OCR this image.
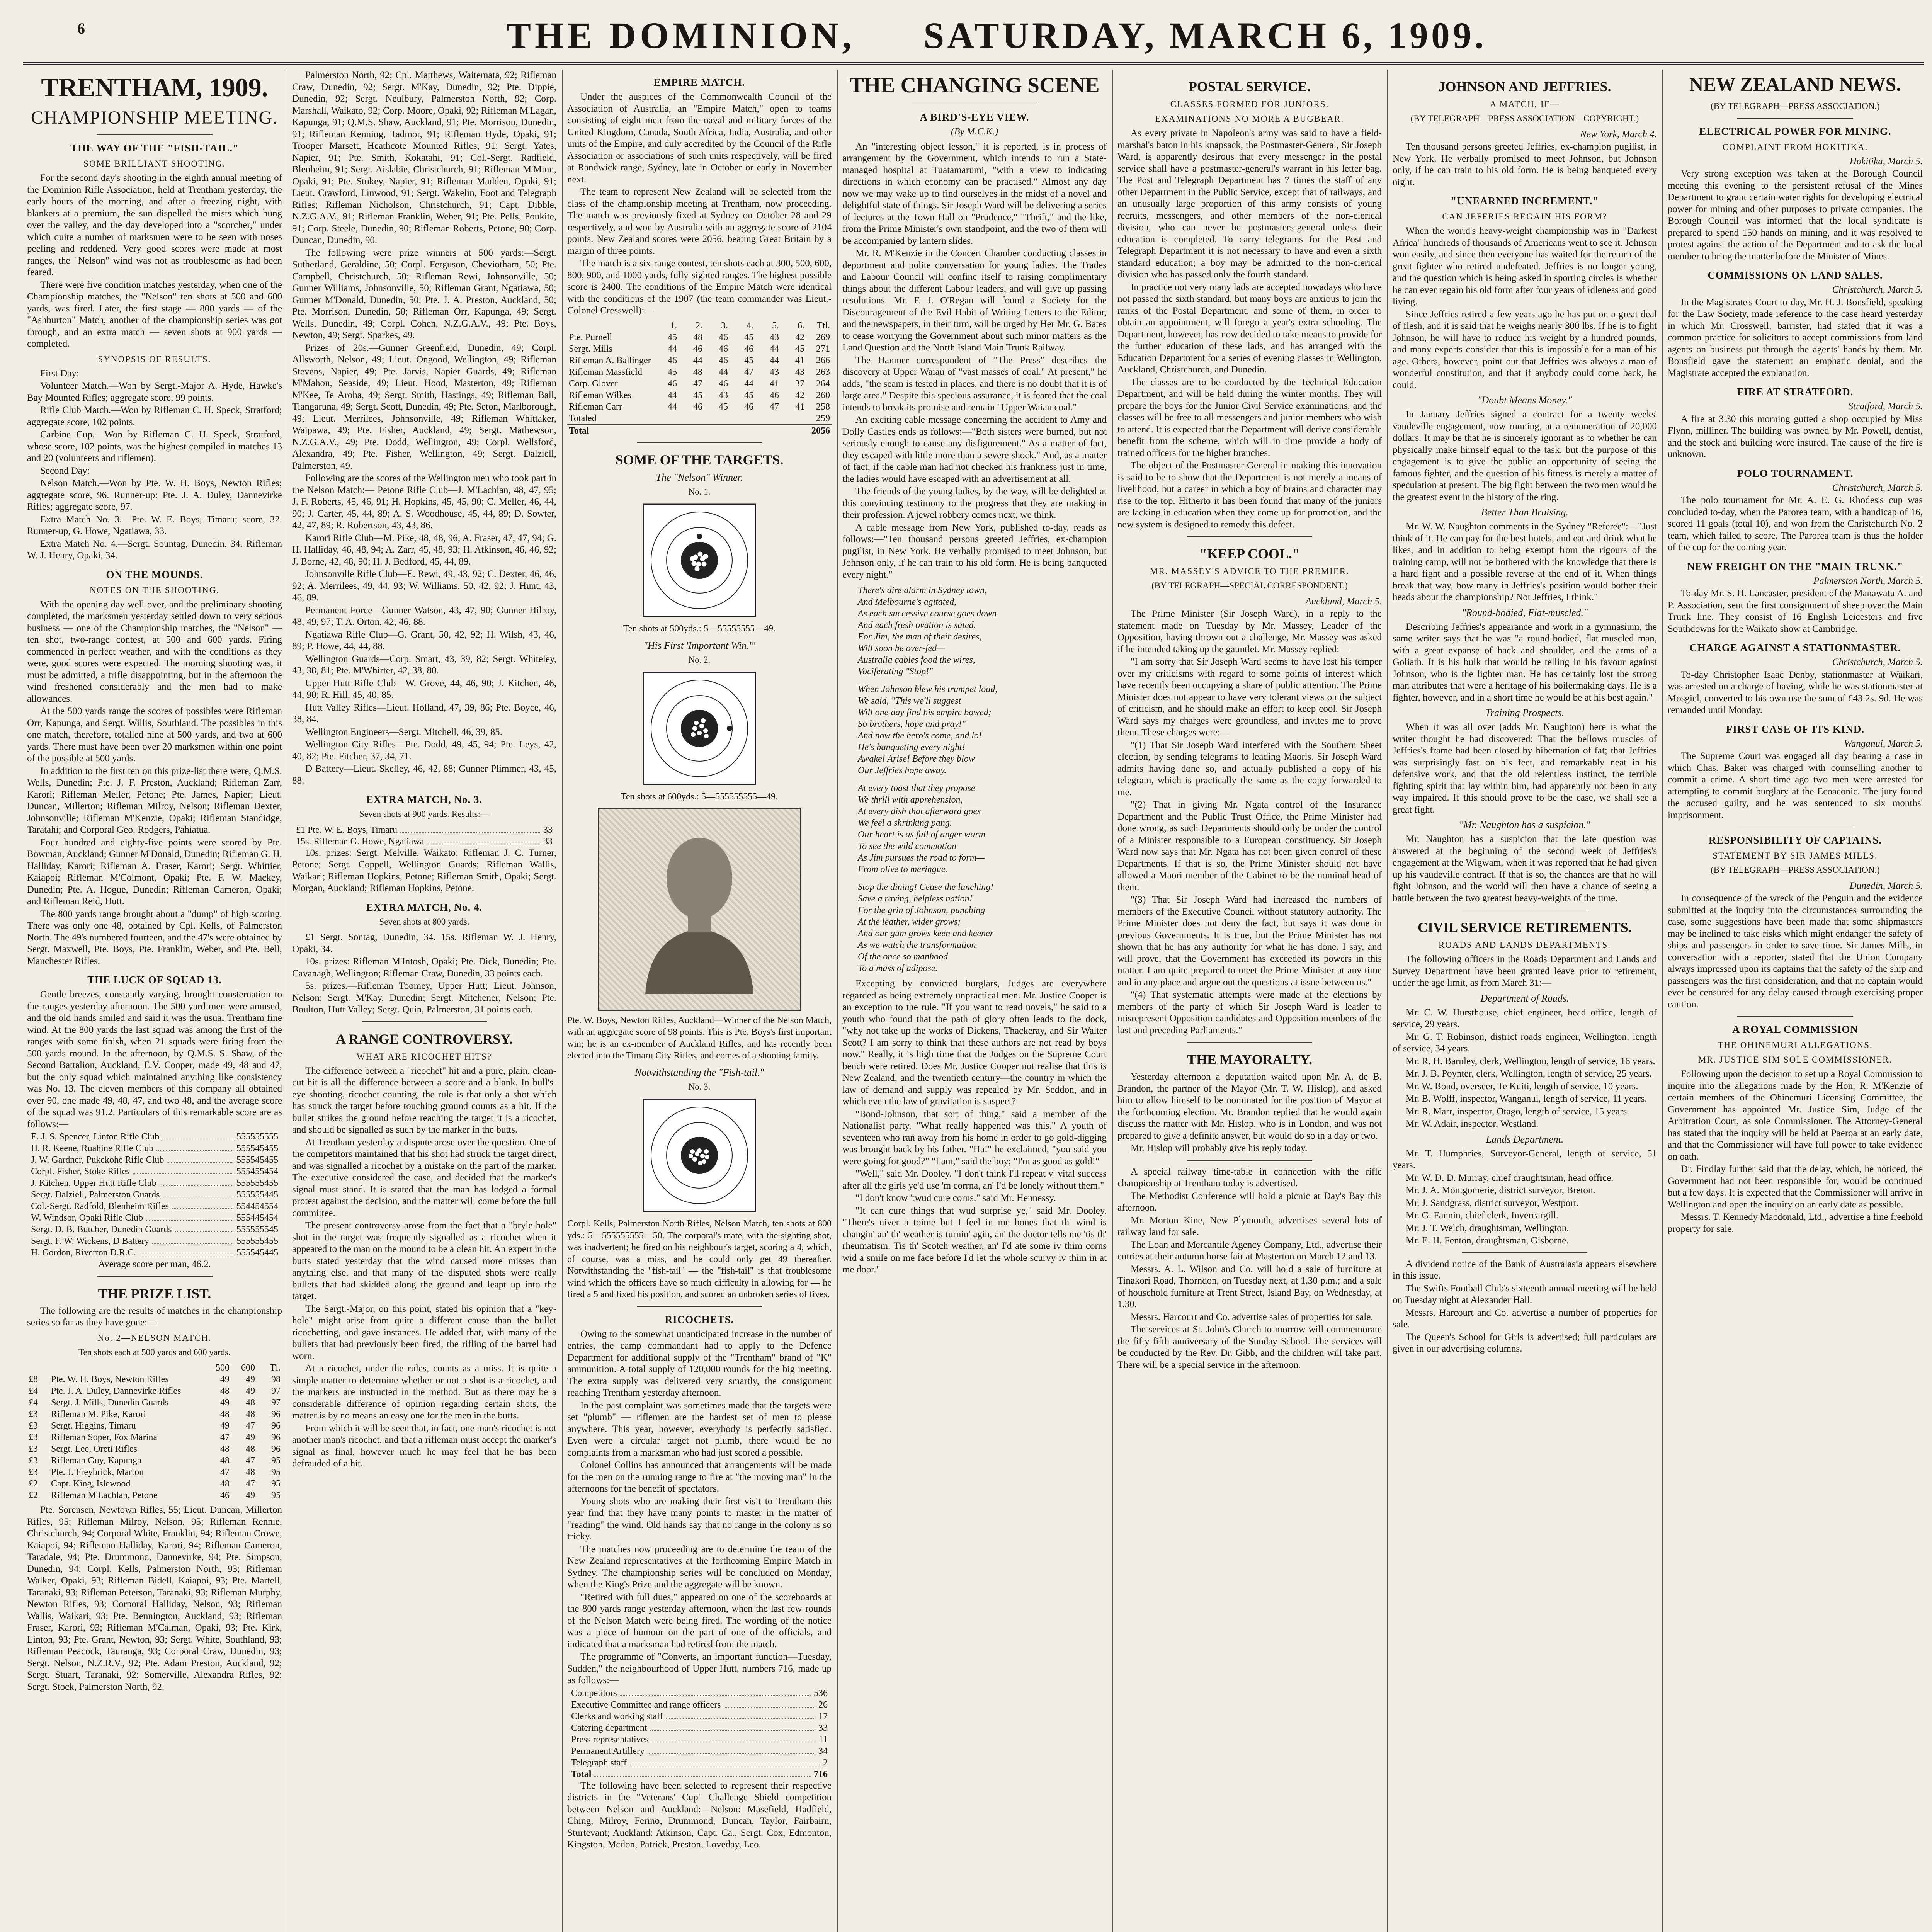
6	THE DOMINION, SATURDAY, MARCH 6, 1909.
TRENTHAM, 1909.
CHAMPIONSHIP MEETING.
THE WAY OF THE "FISH-TAIL."
SOME BRILLIANT SHOOTING.

For the second day's shooting in the eighth annual meeting of the Dominion Rifle Association, held at Trentham yesterday, the early hours of the morning, and after a freezing night, with blankets at a premium, the sun dispelled the mists which hung over the valley, and the day developed into a "scorcher," under which quite a number of marksmen were to be seen with noses peeling and reddened. Very good scores were made at most ranges, the "Nelson" wind was not as troublesome as had been feared.

There were five condition matches yesterday, when one of the Championship matches, the "Nelson" ten shots at 500 and 600 yards, was fired. Later, the first stage — 800 yards — of the "Ashburton" Match, another of the championship series was got through, and an extra match — seven shots at 900 yards — completed.

SYNOPSIS OF RESULTS.

First Day:

Volunteer Match.—Won by Sergt.-Major A. Hyde, Hawke's Bay Mounted Rifles; aggregate score, 99 points.

Rifle Club Match.—Won by Rifleman C. H. Speck, Stratford; aggregate score, 102 points.

Carbine Cup.—Won by Rifleman C. H. Speck, Stratford, whose score, 102 points, was the highest compiled in matches 13 and 20 (volunteers and riflemen).

Second Day:

Nelson Match.—Won by Pte. W. H. Boys, Newton Rifles; aggregate score, 96. Runner-up: Pte. J. A. Duley, Dannevirke Rifles; aggregate score, 97.

Extra Match No. 3.—Pte. W. E. Boys, Timaru; score, 32. Runner-up, G. Howe, Ngatiawa, 33.

Extra Match No. 4.—Sergt. Sountag, Dunedin, 34. Rifleman W. J. Henry, Opaki, 34.

ON THE MOUNDS.
NOTES ON THE SHOOTING.

With the opening day well over, and the preliminary shooting completed, the marksmen yesterday settled down to very serious business — one of the Championship matches, the "Nelson" — ten shot, two-range contest, at 500 and 600 yards. Firing commenced in perfect weather, and with the conditions as they were, good scores were expected. The morning shooting was, it must be admitted, a trifle disappointing, but in the afternoon the wind freshened considerably and the men had to make allowances.

At the 500 yards range the scores of possibles were Rifleman Orr, Kapunga, and Sergt. Willis, Southland. The possibles in this one match, therefore, totalled nine at 500 yards, and two at 600 yards. There must have been over 20 marksmen within one point of the possible at 500 yards.

In addition to the first ten on this prize-list there were, Q.M.S. Wells, Dunedin; Pte. J. F. Preston, Auckland; Rifleman Zarr, Karori; Rifleman Meller, Petone; Pte. James, Napier; Lieut. Duncan, Millerton; Rifleman Milroy, Nelson; Rifleman Dexter, Johnsonville; Rifleman M'Kenzie, Opaki; Rifleman Standidge, Taratahi; and Corporal Geo. Rodgers, Pahiatua.

Four hundred and eighty-five points were scored by Pte. Bowman, Auckland; Gunner M'Donald, Dunedin; Rifleman G. H. Halliday, Karori; Rifleman A. Fraser, Karori; Sergt. Whittier, Kaiapoi; Rifleman M'Colmont, Opaki; Pte. F. W. Mackey, Dunedin; Pte. A. Hogue, Dunedin; Rifleman Cameron, Opaki; and Rifleman Reid, Hutt.

The 800 yards range brought about a "dump" of high scoring. There was only one 48, obtained by Cpl. Kells, of Palmerston North. The 49's numbered fourteen, and the 47's were obtained by Sergt. Maxwell, Pte. Boys, Pte. Franklin, Weber, and Pte. Bell, Manchester Rifles.

THE LUCK OF SQUAD 13.

Gentle breezes, constantly varying, brought consternation to the ranges yesterday afternoon. The 500-yard men were amused, and the old hands smiled and said it was the usual Trentham fine wind. At the 800 yards the last squad was among the first of the ranges with some finish, when 21 squads were firing from the 500-yards mound. In the afternoon, by Q.M.S. S. Shaw, of the Second Battalion, Auckland, E.V. Cooper, made 49, 48 and 47, but the only squad which maintained anything like consistency was No. 13. The eleven members of this company all obtained over 90, one made 49, 48, 47, and two 48, and the average score of the squad was 91.2. Particulars of this remarkable score are as follows:—

E. J. S. Spencer, Linton Rifle Club	555555555
H. R. Keene, Ruahine Rifle Club	555545455
J. W. Gardner, Pukekohe Rifle Club	555545455
Corpl. Fisher, Stoke Rifles	555455454
J. Kitchen, Upper Hutt Rifle Club	555555455
Sergt. Dalziell, Palmerston Guards	555555445
Col.-Sergt. Radfold, Blenheim Rifles	554454554
W. Windsor, Opaki Rifle Club	555445454
Sergt. D. B. Butcher, Dunedin Guards	555555545
Sergt. F. W. Wickens, D Battery	555555455
H. Gordon, Riverton D.R.C.	555545445

Average score per man, 46.2.

THE PRIZE LIST.

The following are the results of matches in the championship series so far as they have gone:—

No. 2—NELSON MATCH.
Ten shots each at 500 yards and 600 yards.
		500	600	Tl.
£8	Pte. W. H. Boys, Newton Rifles	49	49	98
£4	Pte. J. A. Duley, Dannevirke Rifles	48	49	97
£4	Sergt. J. Mills, Dunedin Guards	49	48	97
£3	Rifleman M. Pike, Karori	48	48	96
£3	Sergt. Higgins, Timaru	49	47	96
£3	Rifleman Soper, Fox Marina	47	49	96
£3	Sergt. Lee, Oreti Rifles	48	48	96
£3	Rifleman Guy, Kapunga	48	47	95
£3	Pte. J. Freybrick, Marton	47	48	95
£2	Capt. King, Islewood	48	47	95
£2	Rifleman M'Lachlan, Petone	46	49	95

Pte. Sorensen, Newtown Rifles, 55; Lieut. Duncan, Millerton Rifles, 95; Rifleman Milroy, Nelson, 95; Rifleman Rennie, Christchurch, 94; Corporal White, Franklin, 94; Rifleman Crowe, Kaiapoi, 94; Rifleman Halliday, Karori, 94; Rifleman Cameron, Taradale, 94; Pte. Drummond, Dannevirke, 94; Pte. Simpson, Dunedin, 94; Corpl. Kells, Palmerston North, 93; Rifleman Walker, Opaki, 93; Rifleman Bidell, Kaiapoi, 93; Pte. Martell, Taranaki, 93; Rifleman Peterson, Taranaki, 93; Rifleman Murphy, Newton Rifles, 93; Corporal Halliday, Nelson, 93; Rifleman Wallis, Waikari, 93; Pte. Bennington, Auckland, 93; Rifleman Fraser, Karori, 93; Rifleman M'Calman, Opaki, 93; Pte. Kirk, Linton, 93; Pte. Grant, Newton, 93; Sergt. White, Southland, 93; Rifleman Peacock, Tauranga, 93; Corporal Craw, Dunedin, 93; Sergt. Nelson, N.Z.R.V., 92; Pte. Adam Preston, Auckland, 92; Sergt. Stuart, Taranaki, 92; Somerville, Alexandra Rifles, 92; Sergt. Stock, Palmerston North, 92.

Palmerston North, 92; Cpl. Matthews, Waitemata, 92; Rifleman Craw, Dunedin, 92; Sergt. M'Kay, Dunedin, 92; Pte. Dippie, Dunedin, 92; Sergt. Neulbury, Palmerston North, 92; Corp. Marshall, Waikato, 92; Corp. Moore, Opaki, 92; Rifleman M'Lagan, Kapunga, 91; Q.M.S. Shaw, Auckland, 91; Pte. Morrison, Dunedin, 91; Rifleman Kenning, Tadmor, 91; Rifleman Hyde, Opaki, 91; Trooper Marsett, Heathcote Mounted Rifles, 91; Sergt. Yates, Napier, 91; Pte. Smith, Kokatahi, 91; Col.-Sergt. Radfield, Blenheim, 91; Sergt. Aislabie, Christchurch, 91; Rifleman M'Minn, Opaki, 91; Pte. Stokey, Napier, 91; Rifleman Madden, Opaki, 91; Lieut. Crawford, Linwood, 91; Sergt. Wakelin, Foot and Telegraph Rifles; Rifleman Nicholson, Christchurch, 91; Capt. Dibble, N.Z.G.A.V., 91; Rifleman Franklin, Weber, 91; Pte. Pells, Poukite, 91; Corp. Steele, Dunedin, 90; Rifleman Roberts, Petone, 90; Corp. Duncan, Dunedin, 90.

The following were prize winners at 500 yards:—Sergt. Sutherland, Geraldine, 50; Corpl. Ferguson, Cheviotham, 50; Pte. Campbell, Christchurch, 50; Rifleman Rewi, Johnsonville, 50; Gunner Williams, Johnsonville, 50; Rifleman Grant, Ngatiawa, 50; Gunner M'Donald, Dunedin, 50; Pte. J. A. Preston, Auckland, 50; Pte. Morrison, Dunedin, 50; Rifleman Orr, Kapunga, 49; Sergt. Wells, Dunedin, 49; Corpl. Cohen, N.Z.G.A.V., 49; Pte. Boys, Newton, 49; Sergt. Sparkes, 49.

Prizes of 20s.—Gunner Greenfield, Dunedin, 49; Corpl. Allsworth, Nelson, 49; Lieut. Ongood, Wellington, 49; Rifleman Stevens, Napier, 49; Pte. Jarvis, Napier Guards, 49; Rifleman M'Mahon, Seaside, 49; Lieut. Hood, Masterton, 49; Rifleman M'Kee, Te Aroha, 49; Sergt. Smith, Hastings, 49; Rifleman Ball, Tiangaruna, 49; Sergt. Scott, Dunedin, 49; Pte. Seton, Marlborough, 49; Lieut. Merrilees, Johnsonville, 49; Rifleman Whittaker, Waipawa, 49; Pte. Fisher, Auckland, 49; Sergt. Mathewson, N.Z.G.A.V., 49; Pte. Dodd, Wellington, 49; Corpl. Wellsford, Alexandra, 49; Pte. Fisher, Wellington, 49; Sergt. Dalziell, Palmerston, 49.

Following are the scores of the Wellington men who took part in the Nelson Match:— Petone Rifle Club—J. M'Lachlan, 48, 47, 95; J. F. Roberts, 45, 46, 91; H. Hopkins, 45, 45, 90; C. Meller, 46, 44, 90; J. Carter, 45, 44, 89; A. S. Woodhouse, 45, 44, 89; D. Sowter, 42, 47, 89; R. Robertson, 43, 43, 86.

Karori Rifle Club—M. Pike, 48, 48, 96; A. Fraser, 47, 47, 94; G. H. Halliday, 46, 48, 94; A. Zarr, 45, 48, 93; H. Atkinson, 46, 46, 92; J. Borne, 42, 48, 90; H. J. Bedford, 45, 44, 89.

Johnsonville Rifle Club—E. Rewi, 49, 43, 92; C. Dexter, 46, 46, 92; A. Merrilees, 49, 44, 93; W. Williams, 50, 42, 92; J. Hunt, 43, 46, 89.

Permanent Force—Gunner Watson, 43, 47, 90; Gunner Hilroy, 48, 49, 97; T. A. Orton, 42, 46, 88.

Ngatiawa Rifle Club—G. Grant, 50, 42, 92; H. Wilsh, 43, 46, 89; P. Howe, 44, 44, 88.

Wellington Guards—Corp. Smart, 43, 39, 82; Sergt. Whiteley, 43, 38, 81; Pte. M'Whirter, 42, 38, 80.

Upper Hutt Rifle Club—W. Grove, 44, 46, 90; J. Kitchen, 46, 44, 90; R. Hill, 45, 40, 85.

Hutt Valley Rifles—Lieut. Holland, 47, 39, 86; Pte. Boyce, 46, 38, 84.

Wellington Engineers—Sergt. Mitchell, 46, 39, 85.

Wellington City Rifles—Pte. Dodd, 49, 45, 94; Pte. Leys, 42, 40, 82; Pte. Fitcher, 37, 34, 71.

D Battery—Lieut. Skelley, 46, 42, 88; Gunner Plimmer, 43, 45, 88.

EXTRA MATCH, No. 3.
Seven shots at 900 yards. Results:—
£1 Pte. W. E. Boys, Timaru	33
15s. Rifleman G. Howe, Ngatiawa	33

10s. prizes: Sergt. Melville, Waikato; Rifleman J. C. Turner, Petone; Sergt. Coppell, Wellington Guards; Rifleman Wallis, Waikari; Rifleman Hopkins, Petone; Rifleman Smith, Opaki; Sergt. Morgan, Auckland; Rifleman Hopkins, Petone.

EXTRA MATCH, No. 4.
Seven shots at 800 yards.

£1 Sergt. Sontag, Dunedin, 34. 15s. Rifleman W. J. Henry, Opaki, 34.

10s. prizes: Rifleman M'Intosh, Opaki; Pte. Dick, Dunedin; Pte. Cavanagh, Wellington; Rifleman Craw, Dunedin, 33 points each.

5s. prizes.—Rifleman Toomey, Upper Hutt; Lieut. Johnson, Nelson; Sergt. M'Kay, Dunedin; Sergt. Mitchener, Nelson; Pte. Boulton, Hutt Valley; Sergt. Quin, Palmerston, 31 points each.

A RANGE CONTROVERSY.
WHAT ARE RICOCHET HITS?

The difference between a "ricochet" hit and a pure, plain, clean-cut hit is all the difference between a score and a blank. In bull's-eye shooting, ricochet counting, the rule is that only a shot which has struck the target before touching ground counts as a hit. If the bullet strikes the ground before reaching the target it is a ricochet, and should be signalled as such by the marker in the butts.

At Trentham yesterday a dispute arose over the question. One of the competitors maintained that his shot had struck the target direct, and was signalled a ricochet by a mistake on the part of the marker. The executive considered the case, and decided that the marker's signal must stand. It is stated that the man has lodged a formal protest against the decision, and the matter will come before the full committee.

The present controversy arose from the fact that a "bryle-hole" shot in the target was frequently signalled as a ricochet when it appeared to the man on the mound to be a clean hit. An expert in the butts stated yesterday that the wind caused more misses than anything else, and that many of the disputed shots were really bullets that had skidded along the ground and leapt up into the target.

The Sergt.-Major, on this point, stated his opinion that a "key-hole" might arise from quite a different cause than the bullet ricochetting, and gave instances. He added that, with many of the bullets that had previously been fired, the rifling of the barrel had worn.

At a ricochet, under the rules, counts as a miss. It is quite a simple matter to determine whether or not a shot is a ricochet, and the markers are instructed in the method. But as there may be a considerable difference of opinion regarding certain shots, the matter is by no means an easy one for the men in the butts.

From which it will be seen that, in fact, one man's ricochet is not another man's ricochet, and that a rifleman must accept the marker's signal as final, however much he may feel that he has been defrauded of a hit.

EMPIRE MATCH.

Under the auspices of the Commonwealth Council of the Association of Australia, an "Empire Match," open to teams consisting of eight men from the naval and military forces of the United Kingdom, Canada, South Africa, India, Australia, and other units of the Empire, and duly accredited by the Council of the Rifle Association or associations of such units respectively, will be fired at Randwick range, Sydney, late in October or early in November next.

The team to represent New Zealand will be selected from the class of the championship meeting at Trentham, now proceeding. The match was previously fixed at Sydney on October 28 and 29 respectively, and won by Australia with an aggregate score of 2104 points. New Zealand scores were 2056, beating Great Britain by a margin of three points.

The match is a six-range contest, ten shots each at 300, 500, 600, 800, 900, and 1000 yards, fully-sighted ranges. The highest possible score is 2400. The conditions of the Empire Match were identical with the conditions of the 1907 (the team commander was Lieut.-Colonel Cresswell):—

	1.	2.	3.	4.	5.	6.	Ttl.
Pte. Purnell	45	48	46	45	43	42	269
Sergt. Mills	44	46	46	46	44	45	271
Rifleman A. Ballinger	46	44	46	45	44	41	266
Rifleman Massfield	45	48	44	47	43	43	263
Corp. Glover	46	47	46	44	41	37	264
Rifleman Wilkes	44	45	43	45	46	42	260
Rifleman Carr	44	46	45	46	47	41	258
Totaled							259
Total							2056
SOME OF THE TARGETS.
The "Nelson" Winner.
No. 1.
Ten shots at 500yds.: 5—55555555—49.
"His First 'Important Win.'"
No. 2.
Ten shots at 600yds.: 5—555555555—49.
Pte. W. Boys, Newton Rifles, Auckland—Winner of the Nelson Match, with an aggregate score of 98 points. This is Pte. Boys's first important win; he is an ex-member of Auckland Rifles, and has recently been elected into the Timaru City Rifles, and comes of a shooting family.
Notwithstanding the "Fish-tail."
No. 3.
Corpl. Kells, Palmerston North Rifles, Nelson Match, ten shots at 800 yds.: 5—555555555—50. The corporal's mate, with the sighting shot, was inadvertent; he fired on his neighbour's target, scoring a 4, which, of course, was a miss, and he could only get 49 thereafter. Notwithstanding the "fish-tail" — the "fish-tail" is that troublesome wind which the officers have so much difficulty in allowing for — he fired a 5 and fixed his position, and scored an unbroken series of fives.
RICOCHETS.

Owing to the somewhat unanticipated increase in the number of entries, the camp commandant had to apply to the Defence Department for additional supply of the "Trentham" brand of "K" ammunition. A total supply of 120,000 rounds for the big meeting. The extra supply was delivered very smartly, the consignment reaching Trentham yesterday afternoon.

In the past complaint was sometimes made that the targets were set "plumb" — riflemen are the hardest set of men to please anywhere. This year, however, everybody is perfectly satisfied. Even were a circular target not plumb, there would be no complaints from a marksman who had just scored a possible.

Colonel Collins has announced that arrangements will be made for the men on the running range to fire at "the moving man" in the afternoons for the benefit of spectators.

Young shots who are making their first visit to Trentham this year find that they have many points to master in the matter of "reading" the wind. Old hands say that no range in the colony is so tricky.

The matches now proceeding are to determine the team of the New Zealand representatives at the forthcoming Empire Match in Sydney. The championship series will be concluded on Monday, when the King's Prize and the aggregate will be known.

"Retired with full dues," appeared on one of the scoreboards at the 800 yards range yesterday afternoon, when the last few rounds of the Nelson Match were being fired. The wording of the notice was a piece of humour on the part of one of the officials, and indicated that a marksman had retired from the match.

The programme of "Converts, an important function—Tuesday, Sudden," the neighbourhood of Upper Hutt, numbers 716, made up as follows:—

Competitors	536
Executive Committee and range officers	26
Clerks and working staff	17
Catering department	33
Press representatives	11
Permanent Artillery	34
Telegraph staff	2
Total	716

The following have been selected to represent their respective districts in the "Veterans' Cup" Challenge Shield competition between Nelson and Auckland:—Nelson: Masefield, Hadfield, Ching, Milroy, Ferino, Drummond, Duncan, Taylor, Fairbairn, Sturtevant; Auckland: Atkinson, Capt. Ca., Sergt. Cox, Edmonton, Kingston, Mcdon, Patrick, Preston, Loveday, Leo.

THE CHANGING SCENE
A BIRD'S-EYE VIEW.
(By M.C.K.)

An "interesting object lesson," it is reported, is in process of arrangement by the Government, which intends to run a State-managed hospital at Tuatamarumi, "with a view to indicating directions in which economy can be practised." Almost any day now we may wake up to find ourselves in the midst of a novel and delightful state of things. Sir Joseph Ward will be delivering a series of lectures at the Town Hall on "Prudence," "Thrift," and the like, from the Prime Minister's own standpoint, and the two of them will be accompanied by lantern slides.

Mr. R. M'Kenzie in the Concert Chamber conducting classes in deportment and polite conversation for young ladies. The Trades and Labour Council will confine itself to raising complimentary things about the different Labour leaders, and will give up passing resolutions. Mr. F. J. O'Regan will found a Society for the Discouragement of the Evil Habit of Writing Letters to the Editor, and the newspapers, in their turn, will be urged by Her Mr. G. Bates to cease worrying the Government about such minor matters as the Land Question and the North Island Main Trunk Railway.

The Hanmer correspondent of "The Press" describes the discovery at Upper Waiau of "vast masses of coal." At present," he adds, "the seam is tested in places, and there is no doubt that it is of large area." Despite this specious assurance, it is feared that the coal intends to break its promise and remain "Upper Waiau coal."

An exciting cable message concerning the accident to Amy and Dolly Castles ends as follows:—"Both sisters were burned, but not seriously enough to cause any disfigurement." As a matter of fact, they escaped with little more than a severe shock." And, as a matter of fact, if the cable man had not checked his frankness just in time, the ladies would have escaped with an advertisement at all.

The friends of the young ladies, by the way, will be delighted at this convincing testimony to the progress that they are making in their profession. A jewel robbery comes next, we think.

A cable message from New York, published to-day, reads as follows:—"Ten thousand persons greeted Jeffries, ex-champion pugilist, in New York. He verbally promised to meet Johnson, but Johnson only, if he can train to his old form. He is being banqueted every night."

There's dire alarm in Sydney town,
And Melbourne's agitated,
As each successive course goes down
And each fresh ovation is sated.
For Jim, the man of their desires,
Will soon be over-fed—
Australia cables food the wires,
Vociferating "Stop!"
When Johnson blew his trumpet loud,
We said, "This we'll suggest
Will one day find his empire bowed;
So brothers, hope and pray!"
And now the hero's come, and lo!
He's banqueting every night!
Awake! Arise! Before they blow
Our Jeffries hope away.
At every toast that they propose
We thrill with apprehension,
At every dish that afterward goes
We feel a shrinking pang.
Our heart is as full of anger warm
To see the wild commotion
As Jim pursues the road to form—
From olive to meringue.
Stop the dining! Cease the lunching!
Save a raving, helpless nation!
For the grin of Johnson, punching
At the leather, wider grows;
And our gum grows keen and keener
As we watch the transformation
Of the once so manhood
To a mass of adipose.

Excepting by convicted burglars, Judges are everywhere regarded as being extremely unpractical men. Mr. Justice Cooper is an exception to the rule. "If you want to read novels," he said to a youth who found that the path of glory often leads to the dock, "why not take up the works of Dickens, Thackeray, and Sir Walter Scott? I am sorry to think that these authors are not read by boys now." Really, it is high time that the Judges on the Supreme Court bench were retired. Does Mr. Justice Cooper not realise that this is New Zealand, and the twentieth century—the country in which the law of demand and supply was repealed by Mr. Seddon, and in which even the law of gravitation is suspect?

"Bond-Johnson, that sort of thing," said a member of the Nationalist party. "What really happened was this." A youth of seventeen who ran away from his home in order to go gold-digging was brought back by his father. "Ha!" he exclaimed, "you said you were going for good?" "I am," said the boy; "I'm as good as gold!"

"Well," said Mr. Dooley. "I don't think I'll repeat v' vital success after all the girls ye'd use 'm corrna, an' I'd be lonely without them."

"I don't know 'twud cure corns," said Mr. Hennessy.

"It can cure things that wud surprise ye," said Mr. Dooley. "There's niver a toime but I feel in me bones that th' wind is changin' an' th' weather is turnin' agin, an' the doctor tells me 'tis th' rheumatism. Tis th' Scotch weather, an' I'd ate some iv thim corns wid a smile on me face before I'd let the whole scurvy iv thim in at me door."

POSTAL SERVICE.
CLASSES FORMED FOR JUNIORS.
EXAMINATIONS NO MORE A BUGBEAR.

As every private in Napoleon's army was said to have a field-marshal's baton in his knapsack, the Postmaster-General, Sir Joseph Ward, is apparently desirous that every messenger in the postal service shall have a postmaster-general's warrant in his letter bag. The Post and Telegraph Department has 7 times the staff of any other Department in the Public Service, except that of railways, and an unusually large proportion of this army consists of young recruits, messengers, and other members of the non-clerical division, who can never be postmasters-general unless their education is completed. To carry telegrams for the Post and Telegraph Department it is not necessary to have and even a sixth standard education; a boy may be admitted to the non-clerical division who has passed only the fourth standard.

In practice not very many lads are accepted nowadays who have not passed the sixth standard, but many boys are anxious to join the ranks of the Postal Department, and some of them, in order to obtain an appointment, will forego a year's extra schooling. The Department, however, has now decided to take means to provide for the further education of these lads, and has arranged with the Education Department for a series of evening classes in Wellington, Auckland, Christchurch, and Dunedin.

The classes are to be conducted by the Technical Education Department, and will be held during the winter months. They will prepare the boys for the Junior Civil Service examinations, and the classes will be free to all messengers and junior members who wish to attend. It is expected that the Department will derive considerable benefit from the scheme, which will in time provide a body of trained officers for the higher branches.

The object of the Postmaster-General in making this innovation is said to be to show that the Department is not merely a means of livelihood, but a career in which a boy of brains and character may rise to the top. Hitherto it has been found that many of the juniors are lacking in education when they come up for promotion, and the new system is designed to remedy this defect.

"KEEP COOL."
MR. MASSEY'S ADVICE TO THE PREMIER.
(BY TELEGRAPH—SPECIAL CORRESPONDENT.)

Auckland, March 5.

The Prime Minister (Sir Joseph Ward), in a reply to the statement made on Tuesday by Mr. Massey, Leader of the Opposition, having thrown out a challenge, Mr. Massey was asked if he intended taking up the gauntlet. Mr. Massey replied:—

"I am sorry that Sir Joseph Ward seems to have lost his temper over my criticisms with regard to some points of interest which have recently been occupying a share of public attention. The Prime Minister does not appear to have very tolerant views on the subject of criticism, and he should make an effort to keep cool. Sir Joseph Ward says my charges were groundless, and invites me to prove them. These charges were:—

"(1) That Sir Joseph Ward interfered with the Southern Sheet election, by sending telegrams to leading Maoris. Sir Joseph Ward admits having done so, and actually published a copy of his telegram, which is practically the same as the copy forwarded to me.

"(2) That in giving Mr. Ngata control of the Insurance Department and the Public Trust Office, the Prime Minister had done wrong, as such Departments should only be under the control of a Minister responsible to a European constituency. Sir Joseph Ward now says that Mr. Ngata has not been given control of these Departments. If that is so, the Prime Minister should not have allowed a Maori member of the Cabinet to be the nominal head of them.

"(3) That Sir Joseph Ward had increased the numbers of members of the Executive Council without statutory authority. The Prime Minister does not deny the fact, but says it was done in previous Governments. It is true, but the Prime Minister has not shown that he has any authority for what he has done. I say, and will prove, that the Government has exceeded its powers in this matter. I am quite prepared to meet the Prime Minister at any time and in any place and argue out the questions at issue between us."

"(4) That systematic attempts were made at the elections by members of the party of which Sir Joseph Ward is leader to misrepresent Opposition candidates and Opposition members of the last and preceding Parliaments."

THE MAYORALTY.

Yesterday afternoon a deputation waited upon Mr. A. de B. Brandon, the partner of the Mayor (Mr. T. W. Hislop), and asked him to allow himself to be nominated for the position of Mayor at the forthcoming election. Mr. Brandon replied that he would again discuss the matter with Mr. Hislop, who is in London, and was not prepared to give a definite answer, but would do so in a day or two.

Mr. Hislop will probably give his reply today.

A special railway time-table in connection with the rifle championship at Trentham today is advertised.

The Methodist Conference will hold a picnic at Day's Bay this afternoon.

Mr. Morton Kine, New Plymouth, advertises several lots of railway land for sale.

The Loan and Mercantile Agency Company, Ltd., advertise their entries at their autumn horse fair at Masterton on March 12 and 13.

Messrs. A. L. Wilson and Co. will hold a sale of furniture at Tinakori Road, Thorndon, on Tuesday next, at 1.30 p.m.; and a sale of household furniture at Trent Street, Island Bay, on Wednesday, at 1.30.

Messrs. Harcourt and Co. advertise sales of properties for sale.

The services at St. John's Church to-morrow will commemorate the fifty-fifth anniversary of the Sunday School. The services will be conducted by the Rev. Dr. Gibb, and the children will take part. There will be a special service in the afternoon.

JOHNSON AND JEFFRIES.
A MATCH, IF—
(BY TELEGRAPH—PRESS ASSOCIATION—COPYRIGHT.)

New York, March 4.

Ten thousand persons greeted Jeffries, ex-champion pugilist, in New York. He verbally promised to meet Johnson, but Johnson only, if he can train to his old form. He is being banqueted every night.

"UNEARNED INCREMENT."
CAN JEFFRIES REGAIN HIS FORM?

When the world's heavy-weight championship was in "Darkest Africa" hundreds of thousands of Americans went to see it. Johnson won easily, and since then everyone has waited for the return of the great fighter who retired undefeated. Jeffries is no longer young, and the question which is being asked in sporting circles is whether he can ever regain his old form after four years of idleness and good living.

Since Jeffries retired a few years ago he has put on a great deal of flesh, and it is said that he weighs nearly 300 lbs. If he is to fight Johnson, he will have to reduce his weight by a hundred pounds, and many experts consider that this is impossible for a man of his age. Others, however, point out that Jeffries was always a man of wonderful constitution, and that if anybody could come back, he could.

"Doubt Means Money."

In January Jeffries signed a contract for a twenty weeks' vaudeville engagement, now running, at a remuneration of 20,000 dollars. It may be that he is sincerely ignorant as to whether he can physically make himself equal to the task, but the purpose of this engagement is to give the public an opportunity of seeing the famous fighter, and the question of his fitness is merely a matter of speculation at present. The big fight between the two men would be the greatest event in the history of the ring.

Better Than Bruising.

Mr. W. W. Naughton comments in the Sydney "Referee":—"Just think of it. He can pay for the best hotels, and eat and drink what he likes, and in addition to being exempt from the rigours of the training camp, will not be bothered with the knowledge that there is a hard fight and a possible reverse at the end of it. When things break that way, how many in Jeffries's position would bother their heads about the championship? Not Jeffries, I think."

"Round-bodied, Flat-muscled."

Describing Jeffries's appearance and work in a gymnasium, the same writer says that he was "a round-bodied, flat-muscled man, with a great expanse of back and shoulder, and the arms of a Goliath. It is his bulk that would be telling in his favour against Johnson, who is the lighter man. He has certainly lost the strong man attributes that were a heritage of his boilermaking days. He is a fighter, however, and in a short time he would be at his best again."

Training Prospects.

When it was all over (adds Mr. Naughton) here is what the writer thought he had discovered: That the bellows muscles of Jeffries's frame had been closed by hibernation of fat; that Jeffries was surprisingly fast on his feet, and remarkably neat in his defensive work, and that the old relentless instinct, the terrible fighting spirit that lay within him, had apparently not been in any way impaired. If this should prove to be the case, we shall see a great fight.

"Mr. Naughton has a suspicion."

Mr. Naughton has a suspicion that the late question was answered at the beginning of the second week of Jeffries's engagement at the Wigwam, when it was reported that he had given up his vaudeville contract. If that is so, the chances are that he will fight Johnson, and the world will then have a chance of seeing a battle between the two greatest heavy-weights of the time.

CIVIL SERVICE RETIREMENTS.
ROADS AND LANDS DEPARTMENTS.

The following officers in the Roads Department and Lands and Survey Department have been granted leave prior to retirement, under the age limit, as from March 31:—

Department of Roads.

Mr. C. W. Hursthouse, chief engineer, head office, length of service, 29 years.

Mr. G. T. Robinson, district roads engineer, Wellington, length of service, 34 years.

Mr. R. H. Barnley, clerk, Wellington, length of service, 16 years.

Mr. J. B. Poynter, clerk, Wellington, length of service, 25 years.

Mr. W. Bond, overseer, Te Kuiti, length of service, 10 years.

Mr. B. Wolff, inspector, Wanganui, length of service, 11 years.

Mr. R. Marr, inspector, Otago, length of service, 15 years.

Mr. W. Adair, inspector, Westland.

Lands Department.

Mr. T. Humphries, Surveyor-General, length of service, 51 years.

Mr. W. D. D. Murray, chief draughtsman, head office.

Mr. J. A. Montgomerie, district surveyor, Breton.

Mr. J. Sandgrass, district surveyor, Westport.

Mr. G. Fannin, chief clerk, Invercargill.

Mr. J. T. Welch, draughtsman, Wellington.

Mr. E. H. Fenton, draughtsman, Gisborne.

A dividend notice of the Bank of Australasia appears elsewhere in this issue.

The Swifts Football Club's sixteenth annual meeting will be held on Tuesday night at Alexander Hall.

Messrs. Harcourt and Co. advertise a number of properties for sale.

The Queen's School for Girls is advertised; full particulars are given in our advertising columns.

NEW ZEALAND NEWS.
(BY TELEGRAPH—PRESS ASSOCIATION.)
ELECTRICAL POWER FOR MINING.
COMPLAINT FROM HOKITIKA.

Hokitika, March 5.

Very strong exception was taken at the Borough Council meeting this evening to the persistent refusal of the Mines Department to grant certain water rights for developing electrical power for mining and other purposes to private companies. The Borough Council was informed that the local syndicate is prepared to spend 150 hands on mining, and it was resolved to protest against the action of the Department and to ask the local member to bring the matter before the Minister of Mines.

COMMISSIONS ON LAND SALES.

Christchurch, March 5.

In the Magistrate's Court to-day, Mr. H. J. Bonsfield, speaking for the Law Society, made reference to the case heard yesterday in which Mr. Crosswell, barrister, had stated that it was a common practice for solicitors to accept commissions from land agents on business put through the agents' hands by them. Mr. Bonsfield gave the statement an emphatic denial, and the Magistrate accepted the explanation.

FIRE AT STRATFORD.

Stratford, March 5.

A fire at 3.30 this morning gutted a shop occupied by Miss Flynn, milliner. The building was owned by Mr. Powell, dentist, and the stock and building were insured. The cause of the fire is unknown.

POLO TOURNAMENT.

Christchurch, March 5.

The polo tournament for Mr. A. E. G. Rhodes's cup was concluded to-day, when the Parorea team, with a handicap of 16, scored 11 goals (total 10), and won from the Christchurch No. 2 team, which failed to score. The Parorea team is thus the holder of the cup for the coming year.

NEW FREIGHT ON THE "MAIN TRUNK."

Palmerston North, March 5.

To-day Mr. S. H. Lancaster, president of the Manawatu A. and P. Association, sent the first consignment of sheep over the Main Trunk line. They consist of 16 English Leicesters and five Southdowns for the Waikato show at Cambridge.

CHARGE AGAINST A STATIONMASTER.

Christchurch, March 5.

To-day Christopher Isaac Denby, stationmaster at Waikari, was arrested on a charge of having, while he was stationmaster at Mosgiel, converted to his own use the sum of £43 2s. 9d. He was remanded until Monday.

FIRST CASE OF ITS KIND.

Wanganui, March 5.

The Supreme Court was engaged all day hearing a case in which Chas. Baker was charged with counselling another to commit a crime. A short time ago two men were arrested for attempting to commit burglary at the Ecoaconic. The jury found the accused guilty, and he was sentenced to six months' imprisonment.

RESPONSIBILITY OF CAPTAINS.
STATEMENT BY SIR JAMES MILLS.
(BY TELEGRAPH—PRESS ASSOCIATION.)

Dunedin, March 5.

In consequence of the wreck of the Penguin and the evidence submitted at the inquiry into the circumstances surrounding the case, some suggestions have been made that some shipmasters may be inclined to take risks which might endanger the safety of ships and passengers in order to save time. Sir James Mills, in conversation with a reporter, stated that the Union Company always impressed upon its captains that the safety of the ship and passengers was the first consideration, and that no captain would ever be censured for any delay caused through exercising proper caution.

A ROYAL COMMISSION
THE OHINEMURI ALLEGATIONS.
MR. JUSTICE SIM SOLE COMMISSIONER.

Following upon the decision to set up a Royal Commission to inquire into the allegations made by the Hon. R. M'Kenzie of certain members of the Ohinemuri Licensing Committee, the Government has appointed Mr. Justice Sim, Judge of the Arbitration Court, as sole Commissioner. The Attorney-General has stated that the inquiry will be held at Paeroa at an early date, and that the Commissioner will have full power to take evidence on oath.

Dr. Findlay further said that the delay, which, he noticed, the Government had not been responsible for, would be continued but a few days. It is expected that the Commissioner will arrive in Wellington and open the inquiry on an early date as possible.

Messrs. T. Kennedy Macdonald, Ltd., advertise a fine freehold property for sale.
